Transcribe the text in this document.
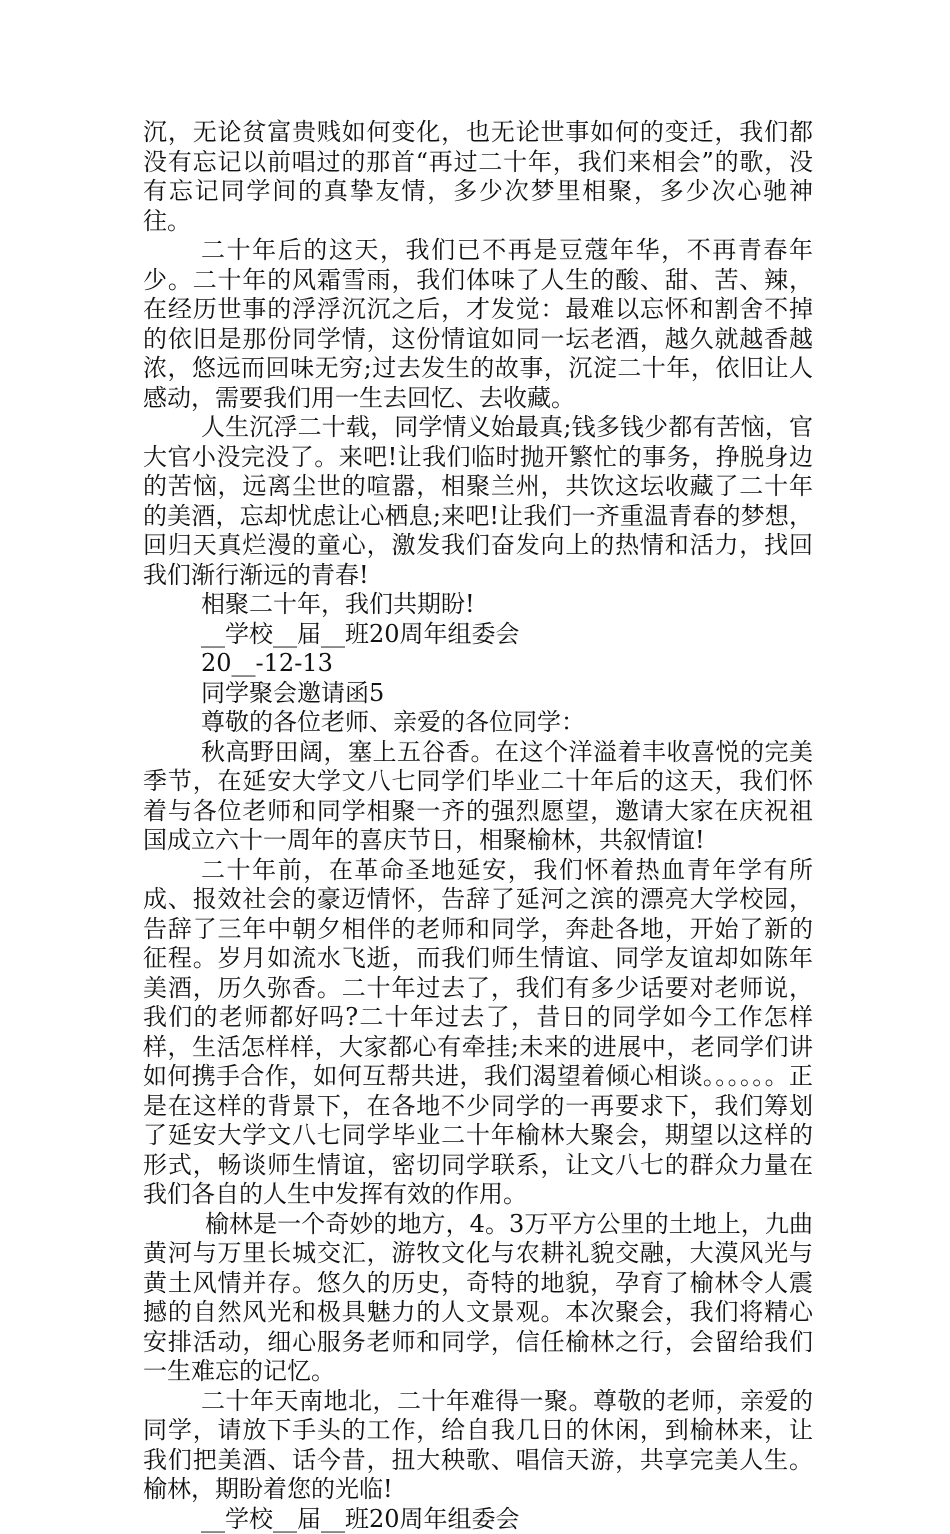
沉，无论贫富贵贱如何变化，也无论世事如何的变迁，我们都没有忘记以前唱过的那首“再过二十年，我们来相会”的歌，没有忘记同学间的真挚友情，多少次梦里相聚，多少次心驰神往。

二十年后的这天，我们已不再是豆蔻年华，不再青春年少。二十年的风霜雪雨，我们体味了人生的酸、甜、苦、辣，在经历世事的浮浮沉沉之后，才发觉：最难以忘怀和割舍不掉的依旧是那份同学情，这份情谊如同一坛老酒，越久就越香越浓，悠远而回味无穷;过去发生的故事，沉淀二十年，依旧让人感动，需要我们用一生去回忆、去收藏。

人生沉浮二十载，同学情义始最真;钱多钱少都有苦恼，官大官小没完没了。来吧!让我们临时抛开繁忙的事务，挣脱身边的苦恼，远离尘世的喧嚣，相聚兰州，共饮这坛收藏了二十年的美酒，忘却忧虑让心栖息;来吧!让我们一齐重温青春的梦想，回归天真烂漫的童心，激发我们奋发向上的热情和活力，找回我们渐行渐远的青春!

相聚二十年，我们共期盼!

__学校__届__班20周年组委会

20__-12-13

同学聚会邀请函5

尊敬的各位老师、亲爱的各位同学：

秋高野田阔，塞上五谷香。在这个洋溢着丰收喜悦的完美季节，在延安大学文八七同学们毕业二十年后的这天，我们怀着与各位老师和同学相聚一齐的强烈愿望，邀请大家在庆祝祖国成立六十一周年的喜庆节日，相聚榆林，共叙情谊!

二十年前，在革命圣地延安，我们怀着热血青年学有所成、报效社会的豪迈情怀，告辞了延河之滨的漂亮大学校园，告辞了三年中朝夕相伴的老师和同学，奔赴各地，开始了新的征程。岁月如流水飞逝，而我们师生情谊、同学友谊却如陈年美酒，历久弥香。二十年过去了，我们有多少话要对老师说，我们的老师都好吗?二十年过去了，昔日的同学如今工作怎样样，生活怎样样，大家都心有牵挂;未来的进展中，老同学们讲如何携手合作，如何互帮共进，我们渴望着倾心相谈。。。。。。正是在这样的背景下，在各地不少同学的一再要求下，我们筹划了延安大学文八七同学毕业二十年榆林大聚会，期望以这样的形式，畅谈师生情谊，密切同学联系，让文八七的群众力量在我们各自的人生中发挥有效的作用。

榆林是一个奇妙的地方，4。3万平方公里的土地上，九曲黄河与万里长城交汇，游牧文化与农耕礼貌交融，大漠风光与黄土风情并存。悠久的历史，奇特的地貌，孕育了榆林令人震撼的自然风光和极具魅力的人文景观。本次聚会，我们将精心安排活动，细心服务老师和同学，信任榆林之行，会留给我们一生难忘的记忆。

二十年天南地北，二十年难得一聚。尊敬的老师，亲爱的同学，请放下手头的工作，给自我几日的休闲，到榆林来，让我们把美酒、话今昔，扭大秧歌、唱信天游，共享完美人生。榆林，期盼着您的光临!

__学校__届__班20周年组委会
